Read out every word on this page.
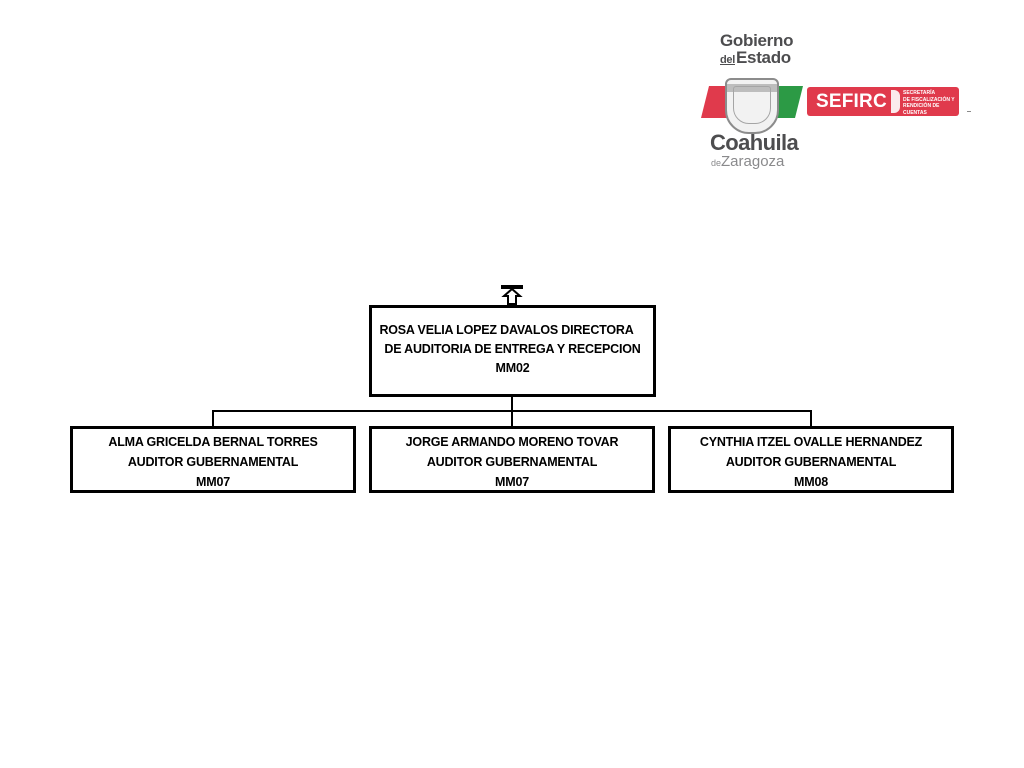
Gobierno
delEstado
SEFIRC	SECRETARÍA
DE FISCALIZACIÓN Y
RENDICIÓN DE CUENTAS
Coahuila
deZaragoza
ROSA VELIA LOPEZ DAVALOS DIRECTORA
DE AUDITORIA DE ENTREGA Y RECEPCION
MM02
ALMA GRICELDA BERNAL TORRES
AUDITOR GUBERNAMENTAL
MM07
JORGE ARMANDO MORENO TOVAR
AUDITOR GUBERNAMENTAL
MM07
CYNTHIA ITZEL OVALLE HERNANDEZ
AUDITOR GUBERNAMENTAL
MM08
